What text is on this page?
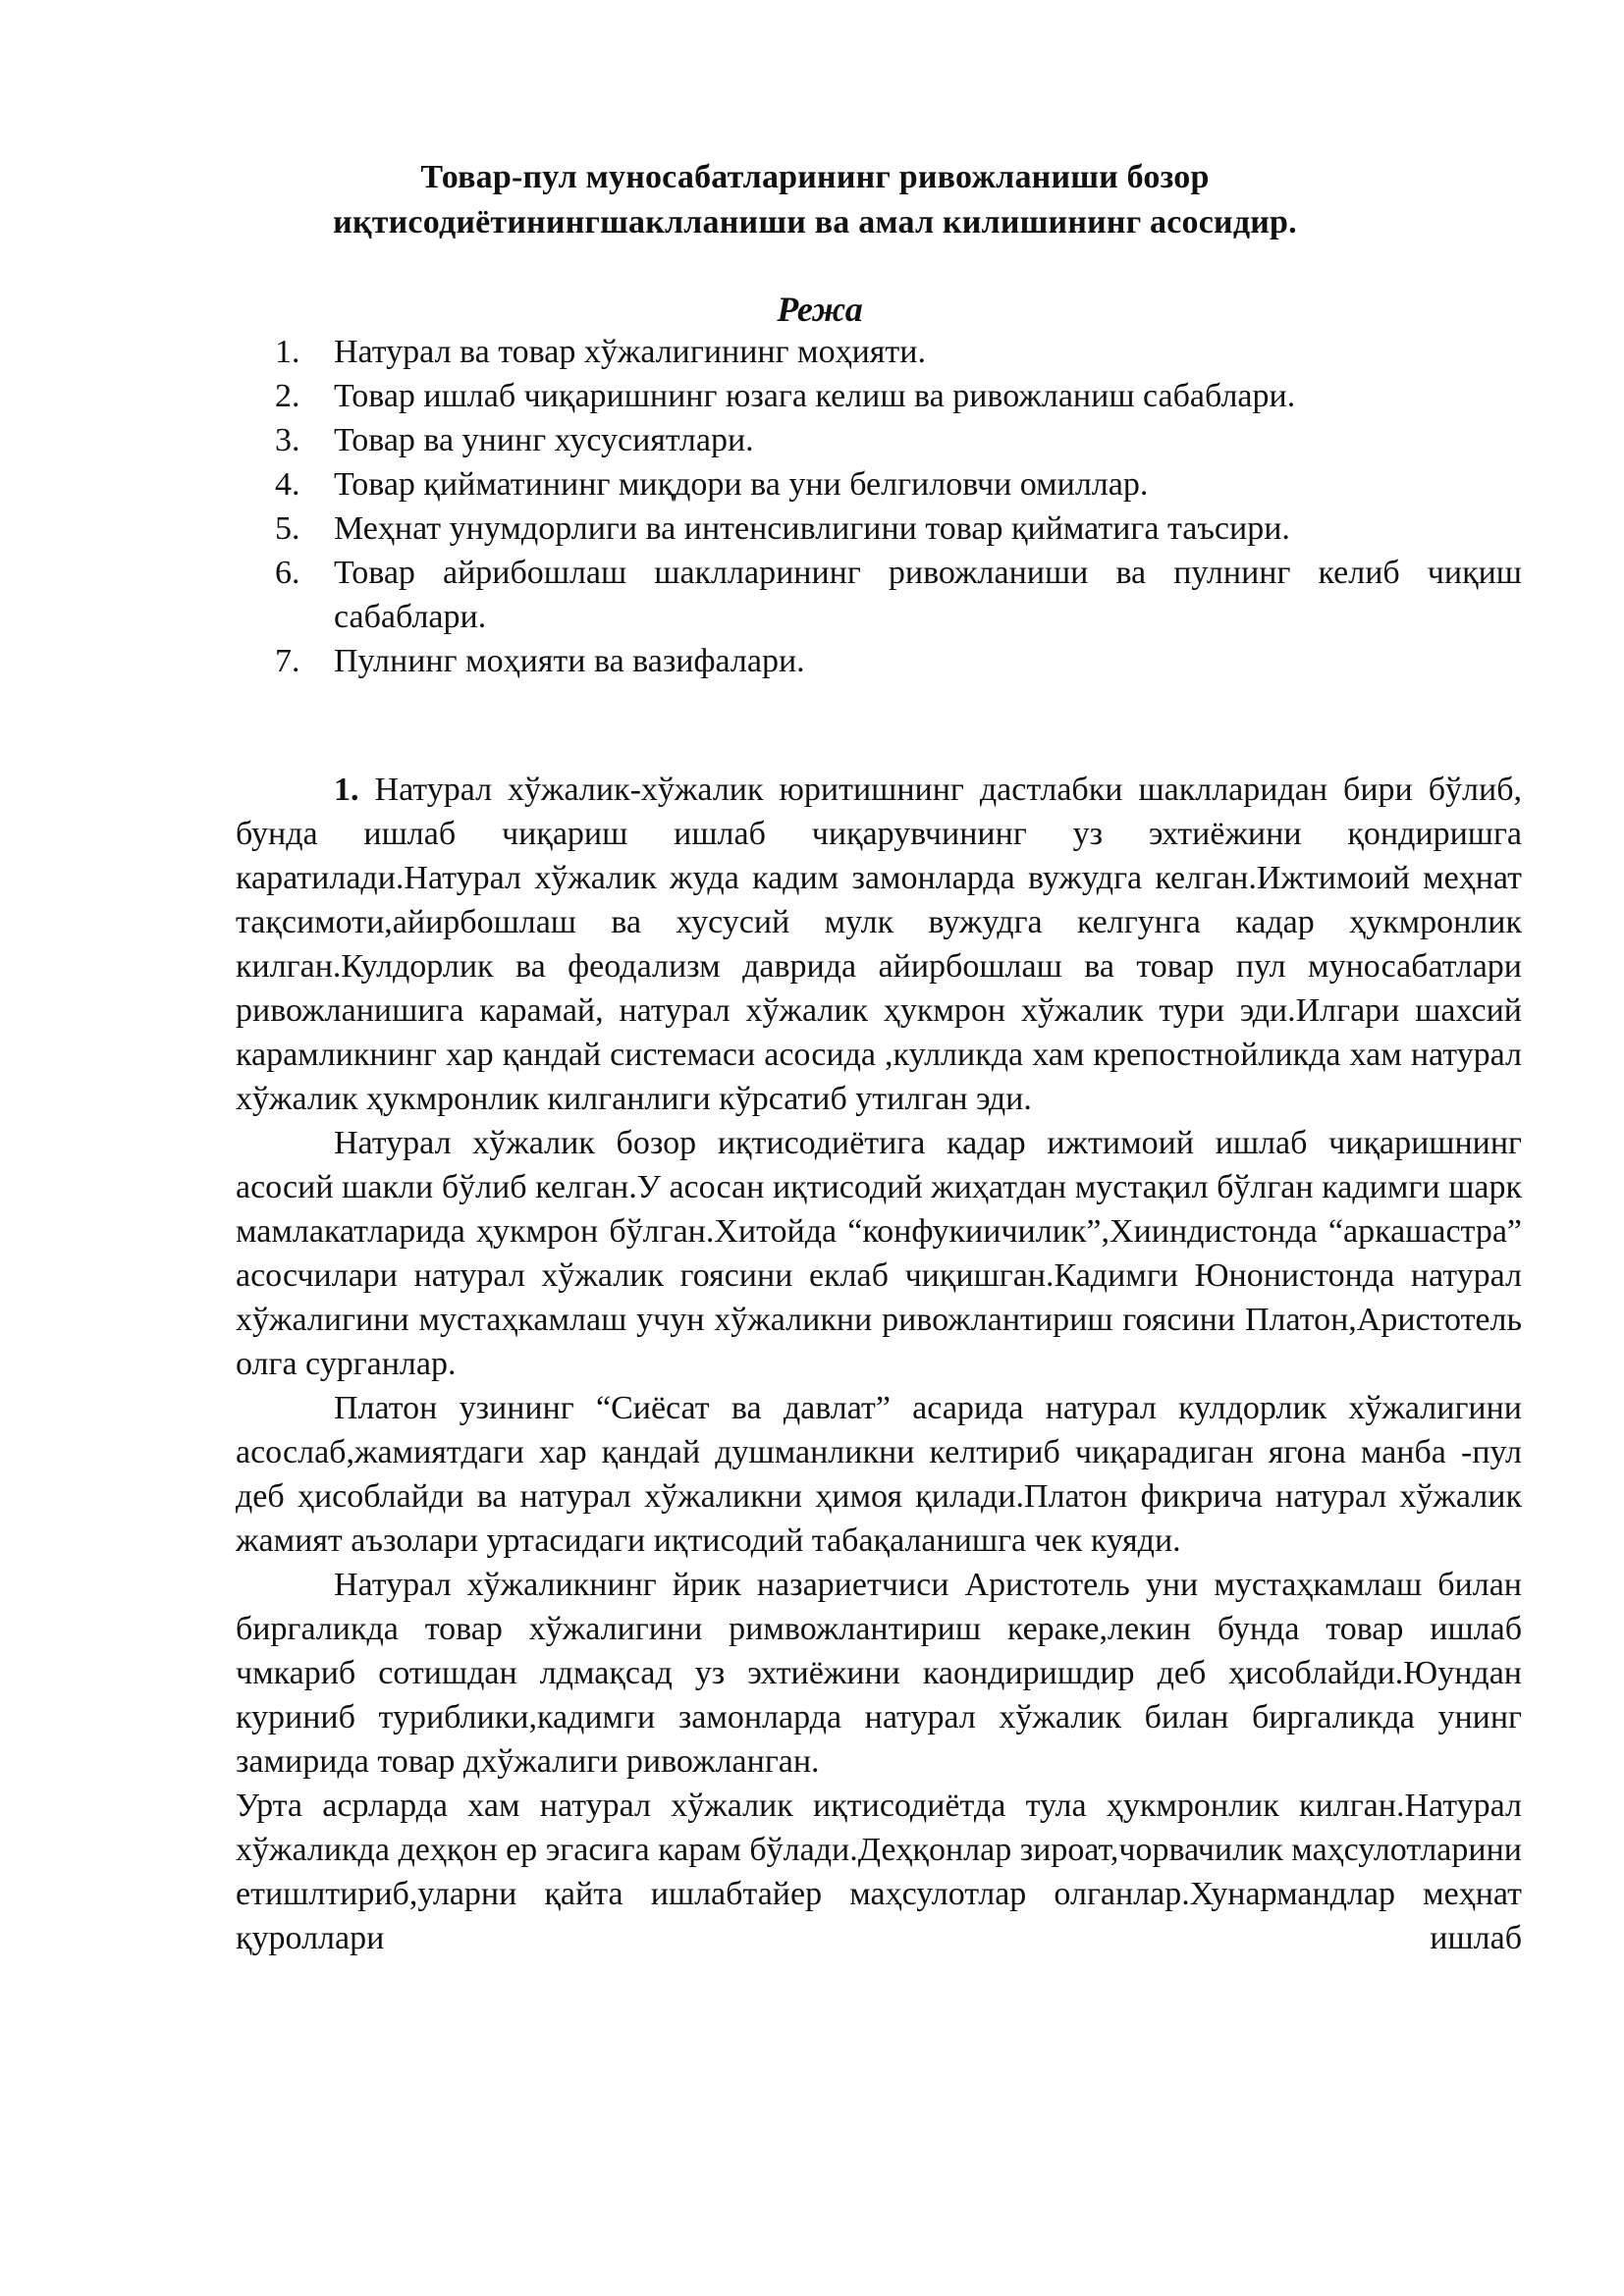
Товар-пул муносабатларининг ривожланиши бозор
иқтисодиётинингшаклланиши ва амал килишининг асосидир.
Режа
1. Натурал ва товар хўжалигининг моҳияти.
2. Товар ишлаб чиқаришнинг юзага келиш ва ривожланиш сабаблари.
3. Товар ва унинг хусусиятлари.
4. Товар қийматининг миқдори ва уни белгиловчи омиллар.
5. Меҳнат унумдорлиги ва интенсивлигини товар қийматига таъсири.
6. Товар айрибошлаш шаклларининг ривожланиши ва пулнинг келиб чиқиш сабаблари.
7. Пулнинг моҳияти ва вазифалари.

1. Натурал хўжалик-хўжалик юритишнинг дастлабки шаклларидан бири бўлиб, бунда ишлаб чиқариш ишлаб чиқарувчининг уз эхтиёжини қондиришга каратилади.Натурал хўжалик жуда кадим замонларда вужудга келган.Ижтимоий меҳнат тақсимоти,айирбошлаш ва хусусий мулк вужудга келгунга кадар ҳукмронлик килган.Кулдорлик ва феодализм даврида айирбошлаш ва товар пул муносабатлари ривожланишига карамай, натурал хўжалик ҳукмрон хўжалик тури эди.Илгари шахсий карамликнинг хар қандай системаси асосида ,кулликда хам крепостнойликда хам натурал хўжалик ҳукмронлик килганлиги кўрсатиб утилган эди.

Натурал хўжалик бозор иқтисодиётига кадар ижтимоий ишлаб чиқаришнинг асосий шакли бўлиб келган.У асосан иқтисодий жиҳатдан мустақил бўлган кадимги шарк мамлакатларида ҳукмрон бўлган.Хитойда “конфукиичилик”,Хииндистонда “аркашастра” асосчилари натурал хўжалик гоясини еклаб чиқишган.Кадимги Юнонистонда натурал хўжалигини мустаҳкамлаш учун хўжаликни ривожлантириш гоясини Платон,Аристотель олга сурганлар.

Платон узининг “Сиёсат ва давлат” асарида натурал кулдорлик хўжалигини асослаб,жамиятдаги хар қандай душманликни келтириб чиқарадиган ягона манба -пул деб ҳисоблайди ва натурал хўжаликни ҳимоя қилади.Платон фикрича натурал хўжалик жамият аъзолари уртасидаги иқтисодий табақаланишга чек куяди.

Натурал хўжаликнинг йрик назариетчиси Аристотель уни мустаҳкамлаш билан биргаликда товар хўжалигини римвожлантириш кераке,лекин бунда товар ишлаб чмкариб сотишдан лдмақсад уз эхтиёжини каондиришдир деб ҳисоблайди.Юундан куриниб туриблики,кадимги замонларда натурал хўжалик билан биргаликда унинг замирида товар дхўжалиги ривожланган.

Урта асрларда хам натурал хўжалик иқтисодиётда тула ҳукмронлик килган.Натурал хўжаликда деҳқон ер эгасига карам бўлади.Деҳқонлар зироат,чорвачилик маҳсулотларини етишлтириб,уларни қайта ишлабтайер маҳсулотлар олганлар.Хунармандлар меҳнат қуроллари ишлаб
